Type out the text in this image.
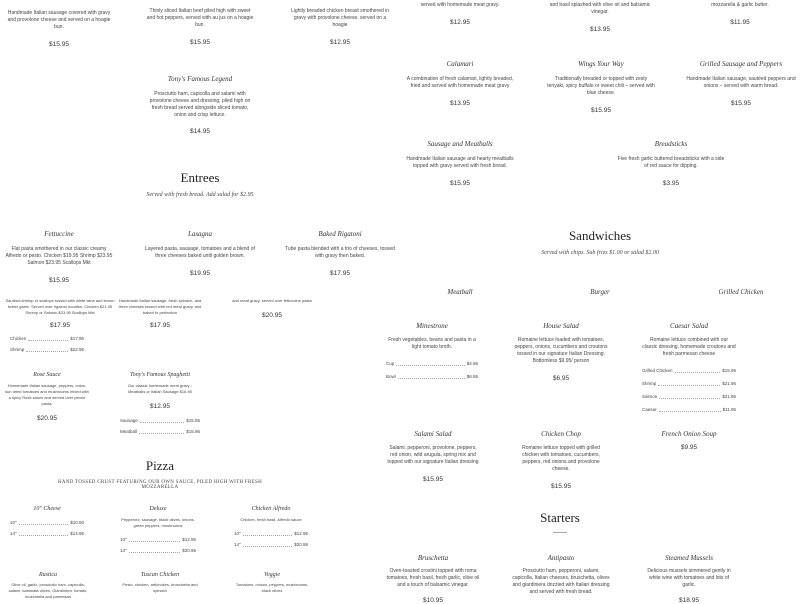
Handmade Italian sausage covered with gravy and provolone cheese and served on a hoagie bun.
$15.95
Thinly sliced Italian beef piled high with sweet and hot peppers, served with au jus on a hoagie bun.
$15.95
Lightly breaded chicken breast smothered in gravy with provolone cheese, served on a hoagie
$12.95
served with homemade meat gravy.
$12.95
and basil splashed with olive oil and balsamic vinegar.
$13.95
mozzarella & garlic butter.
$11.95
Tony's Famous Legend
Prosciutto ham, capicolla and salami with provolone cheese and dressing, piled high on fresh bread served alongside sliced tomato, onion and crisp lettuce.
$14.95
Calamari
A combination of fresh calamari, lightly breaded, fried and served with homemade meat gravy
$13.95
Wings Your Way
Traditionally breaded or topped with zesty teriyaki, spicy buffalo or sweet chili – served with blue cheese.
$15.95
Grilled Sausage and Peppers
Handmade Italian sausage, sautéed peppers and onions – served with warm bread.
$15.95
Sausage and Meatballs
Handmade Italian sausage and hearty meatballs topped with gravy served with fresh bread.
$15.95
Breadsticks
Five fresh garlic buttered breadsticks with a side of red sauce for dipping.
$3.95
Entrees
Served with fresh bread. Add salad for $2.95
Fettuccine
Flat pasta smothered in our classic creamy Alfredo or pesto. Chicken $19.95 Shrimp $23.95 Salmon $23.95 Scallops Mkt
$15.95
Lasagna
Layered pasta, sausage, tomatoes and a blend of three cheeses baked until golden brown.
$19.95
Baked Rigatoni
Tube pasta blended with a trio of cheeses, tossed with gravy then baked.
$17.95
Sandwiches
Served with chips. Sub fries $1.00 or salad $2.00
Meatball	Burger	Grilled Chicken
Sautéed shrimp or scallops tossed with white wine and lemon butter garlic. Served over rigatoni noodles. Chicken $21.95 Shrimp or Salmon $23.95 Scallops Mkt
$17.95
Handmade Italian sausage, fresh spinach, and three cheeses tossed with red meat gravy, and baked to perfection
$17.95
and meat gravy, served over fettuccine pasta
$20.95
Chicken	$17.95
Shrimp	$22.95
Rose Sauce
Homemade Italian sausage, peppers, onion, sun dried tomatoes and mushrooms mixed with a spicy Rosé sauce and served over penne pasta.
$20.95
Tony's Famous Spaghetti
Our classic homemade meat gravy - Meatballs or Italian Sausage $16.95
$12.95
Sausage	$15.95
Meatball	$15.95
Minestrone
Fresh vegetables, beans and pasta in a light tomato broth.
Cup	$4.95
Bowl	$6.95
House Salad
Romaine lettuce loaded with tomatoes, peppers, onions, cucumbers and croutons tossed in our signature Italian Dressing. Bottomless $9.95/ person
$6.95
Caesar Salad
Romaine lettuce combined with our classic dressing, homemade croutons and fresh parmesan cheese
Grilled Chicken	$15.95
Shrimp	$21.95
Salmon	$21.95
Caesar	$11.95
Salami Salad
Salami, pepperoni, provolone, peppers, red onion, wild arugula, spring mix and topped with our signature Italian dressing
$15.95
Chicken Chop
Romaine lettuce topped with grilled chicken with tomatoes, cucumbers, peppers, red onions and provolone cheese.
$15.95
French Onion Soup
$9.95
Pizza
HAND TOSSED CRUST FEATURING OUR OWN SAUCE, PILED HIGH WITH FRESH MOZZARELLA
10" Cheese
10"	$10.50
14"	$14.95
Deluxe
Pepperoni, sausage, black olives, onions, green peppers, mushrooms
10"	$12.95
14"	$20.95
Chicken Alfredo
Chicken, fresh basil, Alfredo sauce
10"	$12.95
14"	$20.95
Rustica
Olive oil, garlic, prosciutto ham, capicolla, salami, kalamata olives, Giardiniera, tomato, mozzarella and parmesan
Tuscan Chicken
Pesto, chicken, artichokes, bruschetta and spinach
Veggie
Tomatoes, onions, peppers, mushrooms, black olives
Starters
Bruschetta
Oven-toasted crostini topped with roma tomatoes, fresh basil, fresh garlic, olive oil and a touch of balsamic vinegar.
$10.95
Antipasto
Prosciutto ham, pepperoni, salami, capicolla, Italian cheeses, bruschetta, olives and giardiniera drizzled with Italian dressing and served with fresh bread.
Steamed Mussels
Delicious mussels simmered gently in white wine with tomatoes and lots of garlic.
$18.95
